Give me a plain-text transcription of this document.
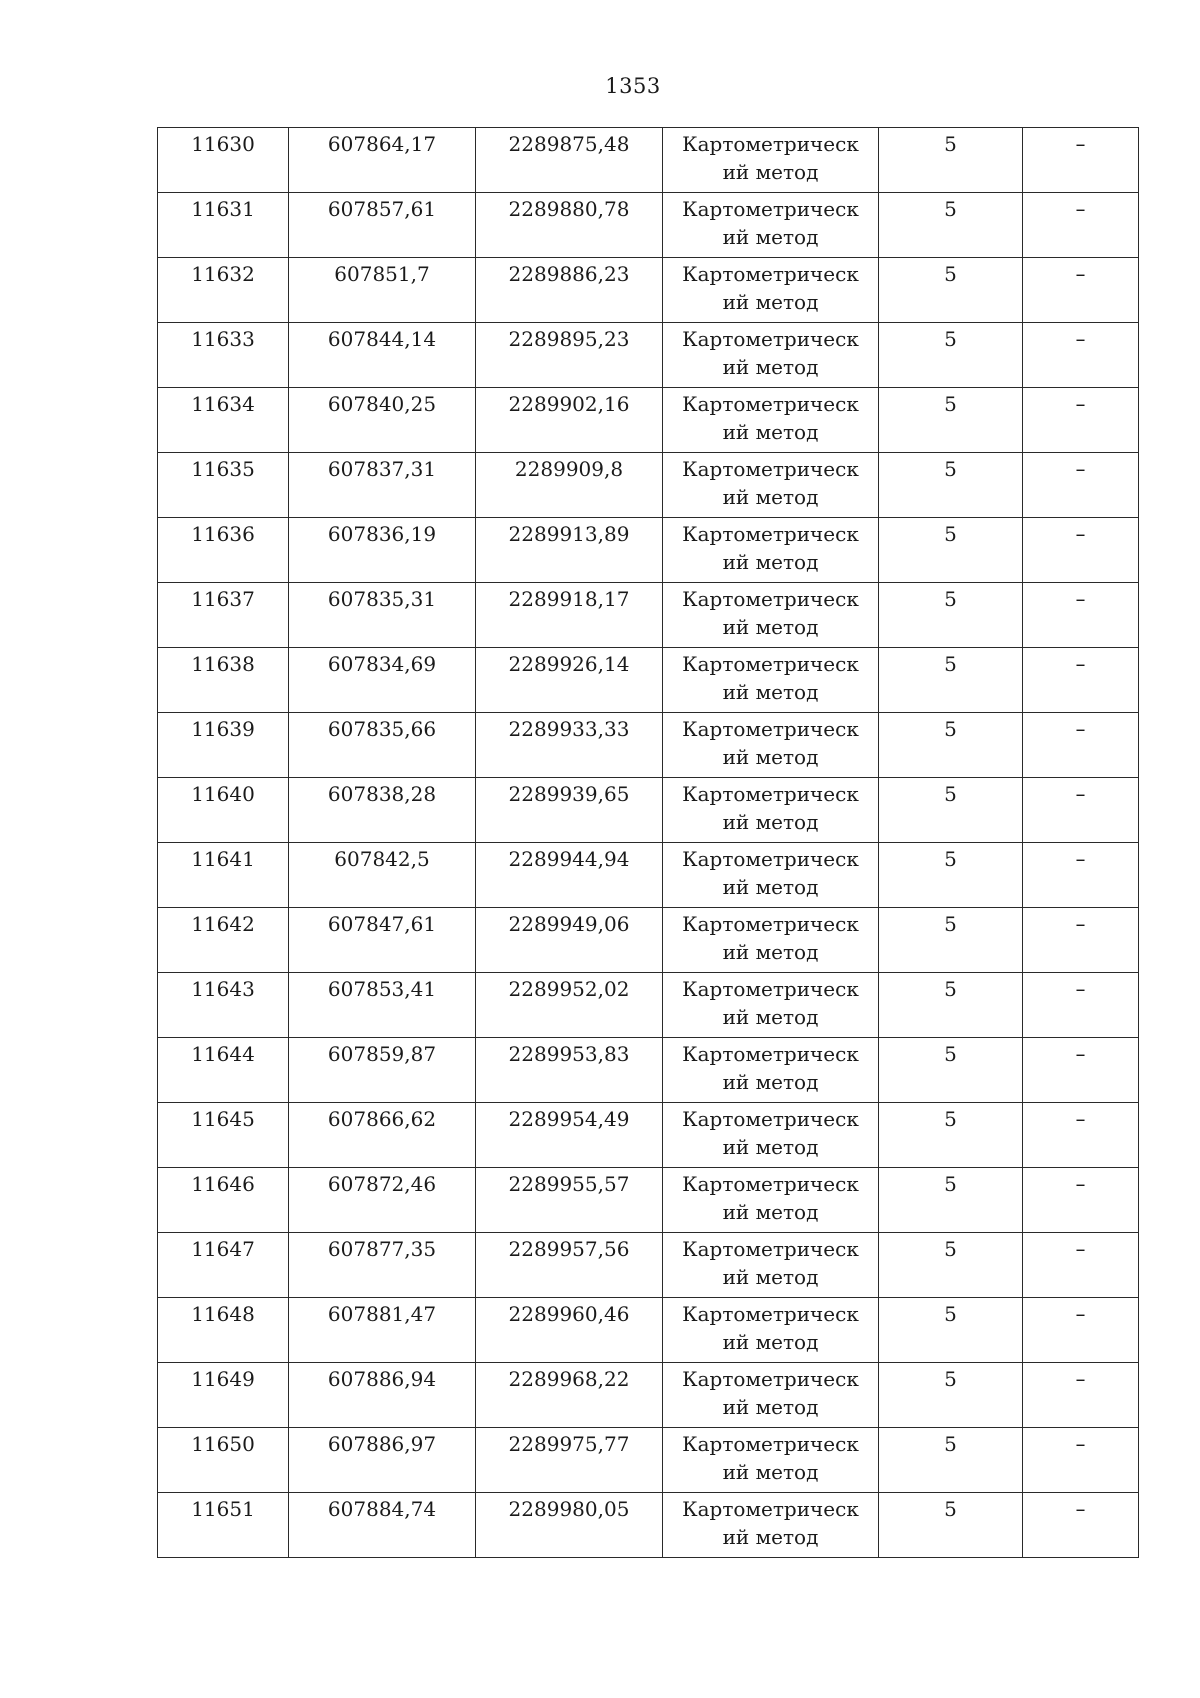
1353
11630	607864,17	2289875,48	Картометрический метод	5	–
11631	607857,61	2289880,78	Картометрический метод	5	–
11632	607851,7	2289886,23	Картометрический метод	5	–
11633	607844,14	2289895,23	Картометрический метод	5	–
11634	607840,25	2289902,16	Картометрический метод	5	–
11635	607837,31	2289909,8	Картометрический метод	5	–
11636	607836,19	2289913,89	Картометрический метод	5	–
11637	607835,31	2289918,17	Картометрический метод	5	–
11638	607834,69	2289926,14	Картометрический метод	5	–
11639	607835,66	2289933,33	Картометрический метод	5	–
11640	607838,28	2289939,65	Картометрический метод	5	–
11641	607842,5	2289944,94	Картометрический метод	5	–
11642	607847,61	2289949,06	Картометрический метод	5	–
11643	607853,41	2289952,02	Картометрический метод	5	–
11644	607859,87	2289953,83	Картометрический метод	5	–
11645	607866,62	2289954,49	Картометрический метод	5	–
11646	607872,46	2289955,57	Картометрический метод	5	–
11647	607877,35	2289957,56	Картометрический метод	5	–
11648	607881,47	2289960,46	Картометрический метод	5	–
11649	607886,94	2289968,22	Картометрический метод	5	–
11650	607886,97	2289975,77	Картометрический метод	5	–
11651	607884,74	2289980,05	Картометрический метод	5	–
